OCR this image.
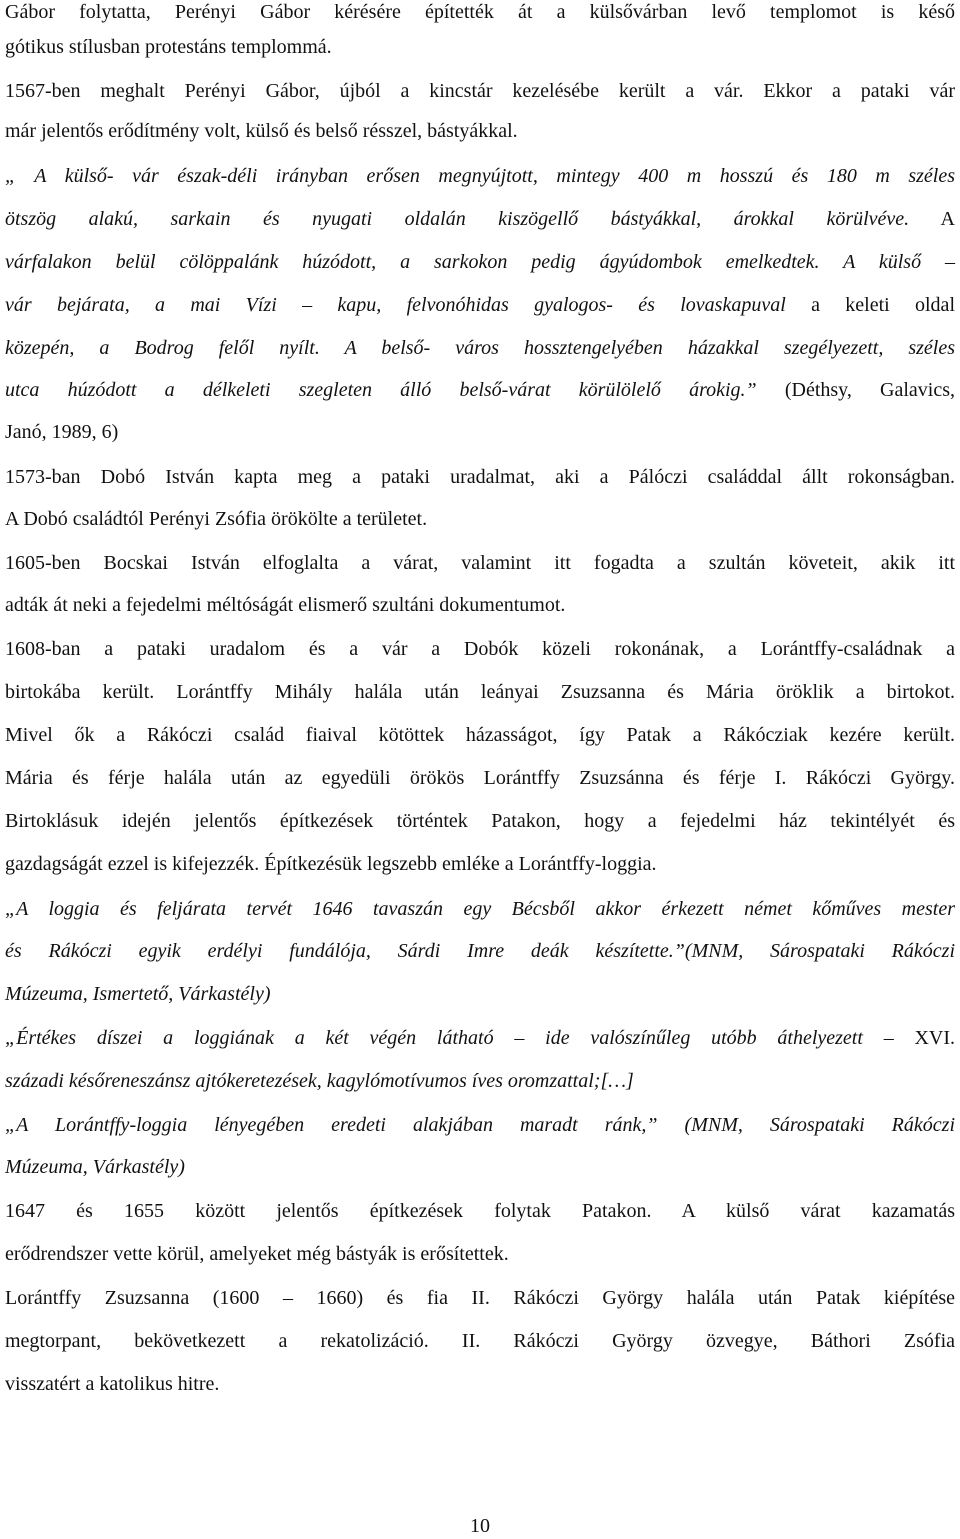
Gábor folytatta, Perényi Gábor kérésére építették át a külsővárban levő templomot is késő
gótikus stílusban protestáns templommá.
1567-ben meghalt Perényi Gábor, újból a kincstár kezelésébe került a vár. Ekkor a pataki vár
már jelentős erődítmény volt, külső és belső résszel, bástyákkal.
„ A külső- vár észak-déli irányban erősen megnyújtott, mintegy 400 m hosszú és 180 m széles
ötszög alakú, sarkain és nyugati oldalán kiszögellő bástyákkal, árokkal körülvéve. A
várfalakon belül cölöppalánk húzódott, a sarkokon pedig ágyúdombok emelkedtek. A külső –
vár bejárata, a mai Vízi – kapu, felvonóhidas gyalogos- és lovaskapuval a keleti oldal
közepén, a Bodrog felől nyílt. A belső- város hossztengelyében házakkal szegélyezett, széles
utca húzódott a délkeleti szegleten álló belső-várat körülölelő árokig.” (Déthsy, Galavics,
Janó, 1989, 6)
1573-ban Dobó István kapta meg a pataki uradalmat, aki a Pálóczi családdal állt rokonságban.
A Dobó családtól Perényi Zsófia örökölte a területet.
1605-ben Bocskai István elfoglalta a várat, valamint itt fogadta a szultán követeit, akik itt
adták át neki a fejedelmi méltóságát elismerő szultáni dokumentumot.
1608-ban a pataki uradalom és a vár a Dobók közeli rokonának, a Lorántffy-családnak a
birtokába került. Lorántffy Mihály halála után leányai Zsuzsanna és Mária öröklik a birtokot.
Mivel ők a Rákóczi család fiaival kötöttek házasságot, így Patak a Rákócziak kezére került.
Mária és férje halála után az egyedüli örökös Lorántffy Zsuzsánna és férje I. Rákóczi György.
Birtoklásuk idején jelentős építkezések történtek Patakon, hogy a fejedelmi ház tekintélyét és
gazdagságát ezzel is kifejezzék. Építkezésük legszebb emléke a Lorántffy-loggia.
„A loggia és feljárata tervét 1646 tavaszán egy Bécsből akkor érkezett német kőműves mester
és Rákóczi egyik erdélyi fundálója, Sárdi Imre deák készítette.”(MNM, Sárospataki Rákóczi
Múzeuma, Ismertető, Várkastély)
„Értékes díszei a loggiának a két végén látható – ide valószínűleg utóbb áthelyezett – XVI.
századi későreneszánsz ajtókeretezések, kagylómotívumos íves oromzattal;[…]
„A Lorántffy-loggia lényegében eredeti alakjában maradt ránk,” (MNM, Sárospataki Rákóczi
Múzeuma, Várkastély)
1647 és 1655 között jelentős építkezések folytak Patakon. A külső várat kazamatás
erődrendszer vette körül, amelyeket még bástyák is erősítettek.
Lorántffy Zsuzsanna (1600 – 1660) és fia II. Rákóczi György halála után Patak kiépítése
megtorpant, bekövetkezett a rekatolizáció. II. Rákóczi György özvegye, Báthori Zsófia
visszatért a katolikus hitre.
10
